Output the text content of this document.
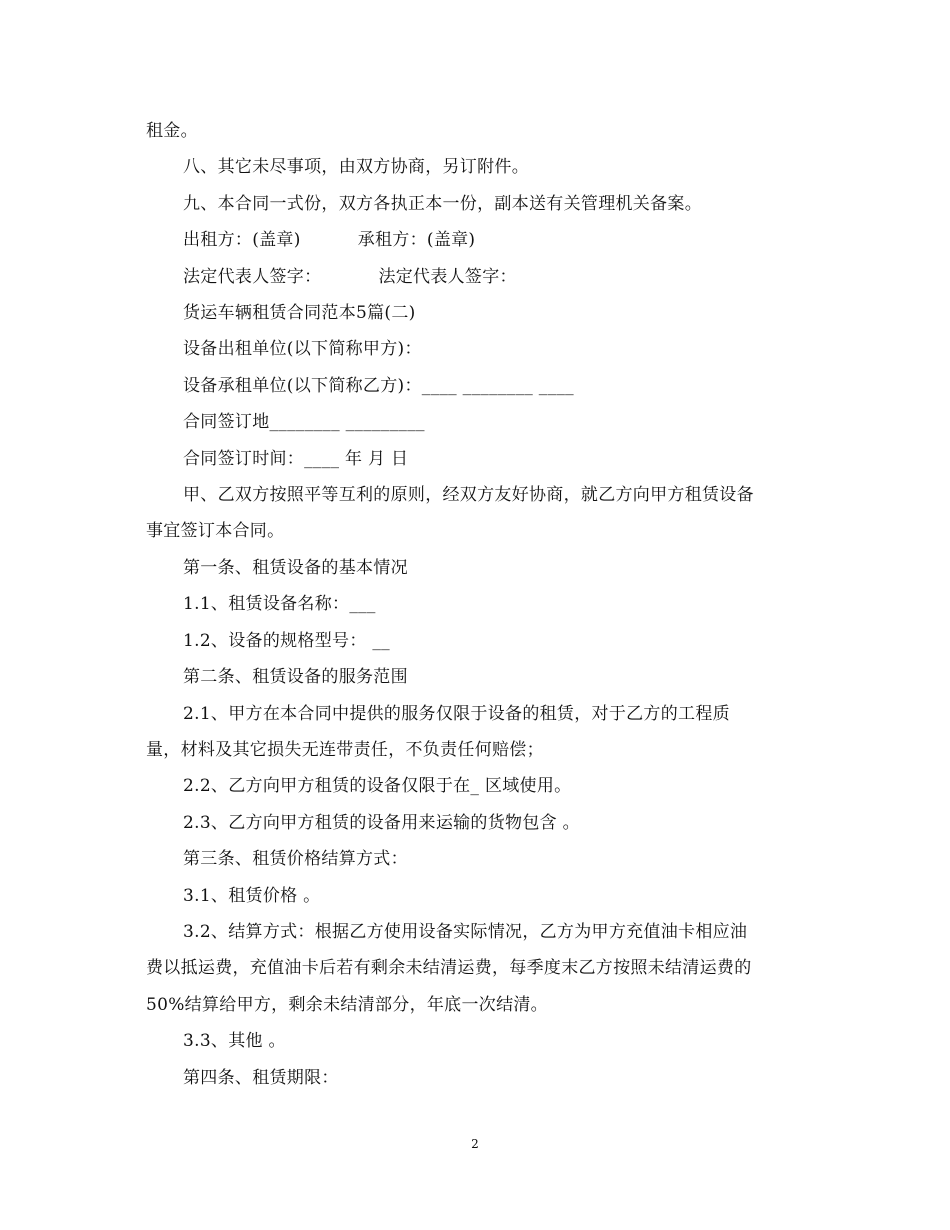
租金。

八、其它未尽事项，由双方协商，另订附件。

九、本合同一式份，双方各执正本一份，副本送有关管理机关备案。

出租方：(盖章)          承租方：(盖章)

法定代表人签字：          法定代表人签字：

货运车辆租赁合同范本5篇(二)

设备出租单位(以下简称甲方)：

设备承租单位(以下简称乙方)：____ ________ ____

合同签订地________ _________

合同签订时间：____ 年 月 日

甲、乙双方按照平等互利的原则，经双方友好协商，就乙方向甲方租赁设备

事宜签订本合同。

第一条、租赁设备的基本情况

1.1、租赁设备名称：___

1.2、设备的规格型号： __

第二条、租赁设备的服务范围

2.1、甲方在本合同中提供的服务仅限于设备的租赁，对于乙方的工程质

量，材料及其它损失无连带责任，不负责任何赔偿；

2.2、乙方向甲方租赁的设备仅限于在_ 区域使用。

2.3、乙方向甲方租赁的设备用来运输的货物包含 。

第三条、租赁价格结算方式：

3.1、租赁价格 。

3.2、结算方式：根据乙方使用设备实际情况，乙方为甲方充值油卡相应油

费以抵运费，充值油卡后若有剩余未结清运费，每季度末乙方按照未结清运费的

50%结算给甲方，剩余未结清部分，年底一次结清。

3.3、其他 。

第四条、租赁期限：

2
